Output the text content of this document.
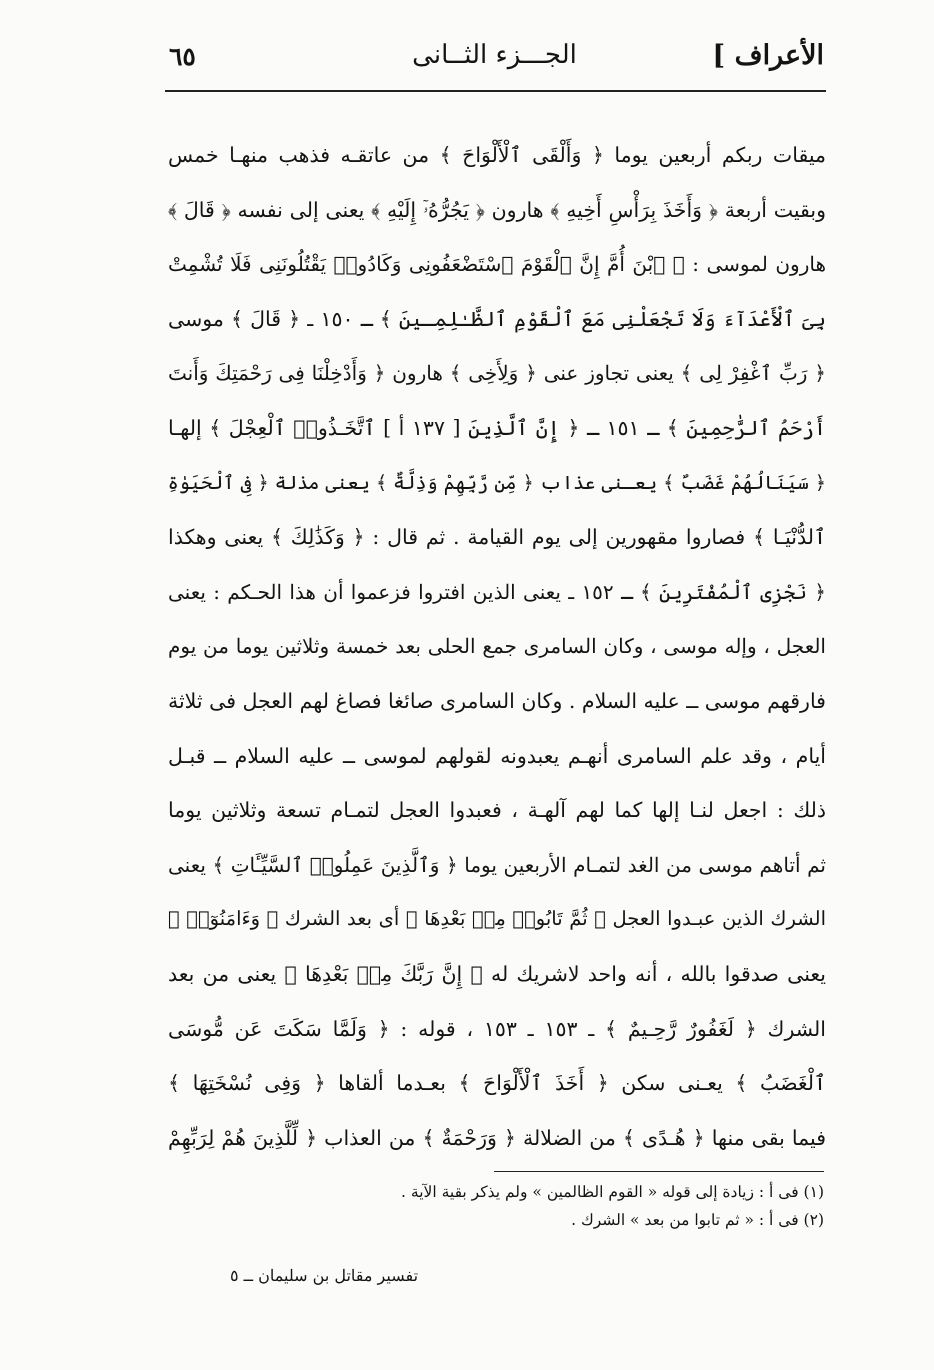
الأعراف ]
الجـــزء الثــانى
٦٥
ميقات ربكم أربعين يوما ﴿ وَأَلْقَى ٱلْأَلْوَاحَ ﴾ من عاتقـه فذهب منهـا خمس
وبقيت أربعة ﴿ وَأَخَذَ بِرَأْسِ أَخِيهِ ﴾ هارون ﴿ يَجُرُّهُۥٓ إِلَيْهِ ﴾ يعنى إلى نفسه ﴿ قَالَ ﴾
هارون لموسى : ﴿ ٱبْنَ أُمَّ إِنَّ ٱلْقَوْمَ ٱسْتَضْعَفُونِى وَكَادُوا۟ يَقْتُلُونَنِى فَلَا تُشْمِتْ
بِىَ ٱلْأَعْدَآءَ وَلَا تَجْعَلْنِى مَعَ ٱلْقَوْمِ ٱلظَّـٰلِمِـينَ ﴾ ـ ١٥٠ ـ ﴿ قَالَ ﴾ موسى
﴿ رَبِّ ٱغْفِرْ لِى ﴾ يعنى تجاوز عنى ﴿ وَلِأَخِى ﴾ هارون ﴿ وَأَدْخِلْنَا فِى رَحْمَتِكَ وَأَنتَ
أَرْحَمُ ٱلرَّٰحِمِينَ ﴾ ـ ١٥١ ـ ﴿ إِنَّ ٱلَّذِينَ [ ١٣٧ أ ] ٱتَّخَـذُوا۟ ٱلْعِجْلَ ﴾ إلهـا
﴿ سَيَنَالُهُمْ غَضَبٌ ﴾ يعـنى عذاب ﴿ مِّن رَّبِّهِمْ وَذِلَّةٌ ﴾ يعنى مذلة ﴿ فِى ٱلْحَيَوٰةِ
ٱلدُّنْيَـا ﴾ فصاروا مقهورين إلى يوم القيامة . ثم قال : ﴿ وَكَذَٰلِكَ ﴾ يعنى وهكذا
﴿ نَجْزِى ٱلْمُفْتَرِينَ ﴾ ـ ١٥٢ ـ يعنى الذين افتروا فزعموا أن هذا الحـكم : يعنى
العجل ، وإله موسى ، وكان السامرى جمع الحلى بعد خمسة وثلاثين يوما من يوم
فارقهم موسى ــ عليه السلام . وكان السامرى صائغا فصاغ لهم العجل فى ثلاثة
أيام ، وقد علم السامرى أنهـم يعبدونه لقولهم لموسى ــ عليه السلام ــ قبـل
ذلك : اجعل لنـا إلها كما لهم آلهـة ، فعبدوا العجل لتمـام تسعة وثلاثين يوما
ثم أتاهم موسى من الغد لتمـام الأربعين يوما ﴿ وَٱلَّذِينَ عَمِلُوا۟ ٱلسَّيِّـَٔاتِ ﴾ يعنى
الشرك الذين عبـدوا العجل ﴿ ثُمَّ تَابُوا۟ مِنۢ بَعْدِهَا ﴾ أى بعد الشرك ﴿ وَءَامَنُوٓا۟ ﴾
يعنى صدقوا بالله ، أنه واحد لاشريك له ﴿ إِنَّ رَبَّكَ مِنۢ بَعْدِهَا ﴾ يعنى من بعد
الشرك ﴿ لَغَفُورٌ رَّحِـيمٌ ﴾ ـ ١٥٣ ـ ١٥٣ ، قوله : ﴿ وَلَمَّا سَكَتَ عَن مُّوسَى
ٱلْغَضَبُ ﴾ يعـنى سكن ﴿ أَخَذَ ٱلْأَلْوَاحَ ﴾ بعـدما ألقاها ﴿ وَفِى نُسْخَتِهَا ﴾
فيما بقى منها ﴿ هُـدًى ﴾ من الضلالة ﴿ وَرَحْمَةٌ ﴾ من العذاب ﴿ لِّلَّذِينَ هُمْ لِرَبِّهِمْ
(١) فى أ : زيادة إلى قوله « القوم الظالمين » ولم يذكر بقية الآية .
(٢) فى أ : « ثم تابوا من بعد » الشرك .
تفسير مقاتل بن سليمان ــ ٥
